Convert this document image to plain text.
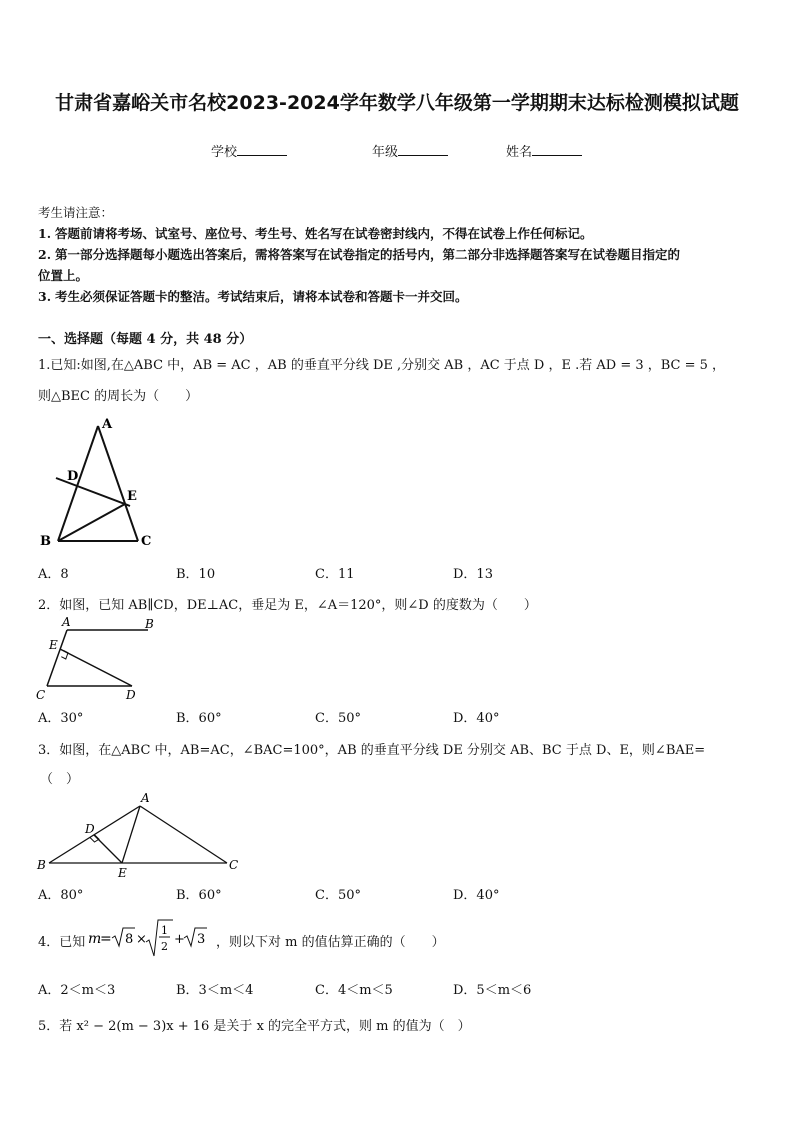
甘肃省嘉峪关市名校2023-2024学年数学八年级第一学期期末达标检测模拟试题
学校	年级	姓名
考生请注意：
1. 答题前请将考场、试室号、座位号、考生号、姓名写在试卷密封线内，不得在试卷上作任何标记。
2. 第一部分选择题每小题选出答案后，需将答案写在试卷指定的括号内，第二部分非选择题答案写在试卷题目指定的
位置上。
3. 考生必须保证答题卡的整洁。考试结束后，请将本试卷和答题卡一并交回。
一、选择题（每题 4 分，共 48 分）
1.已知:如图,在△ABC 中，AB = AC ，AB 的垂直平分线 DE ,分别交 AB ，AC 于点 D ，E .若 AD = 3 ，BC = 5 ，
则△BEC 的周长为（　　）
A
D
E
B	C
A．8	B．10	C．11	D．13
2．如图，已知 AB∥CD，DE⊥AC，垂足为 E，∠A＝120°，则∠D 的度数为（　　）
A	B
E
C	D
A．30°	B．60°	C．50°	D．40°
3．如图，在△ABC 中，AB=AC，∠BAC=100°，AB 的垂直平分线 DE 分别交 AB、BC 于点 D、E，则∠BAE=
（　）
A
D
B
E
C
A．80°	B．60°	C．50°	D．40°
4．已知 m
= 8 ×
1
2 + 3 ，则以下对 m 的值估算正确的（　　）
A．2＜m＜3	B．3＜m＜4	C．4＜m＜5	D．5＜m＜6
5．若 x² − 2(m − 3)x + 16 是关于 x 的完全平方式，则 m 的值为（　）
